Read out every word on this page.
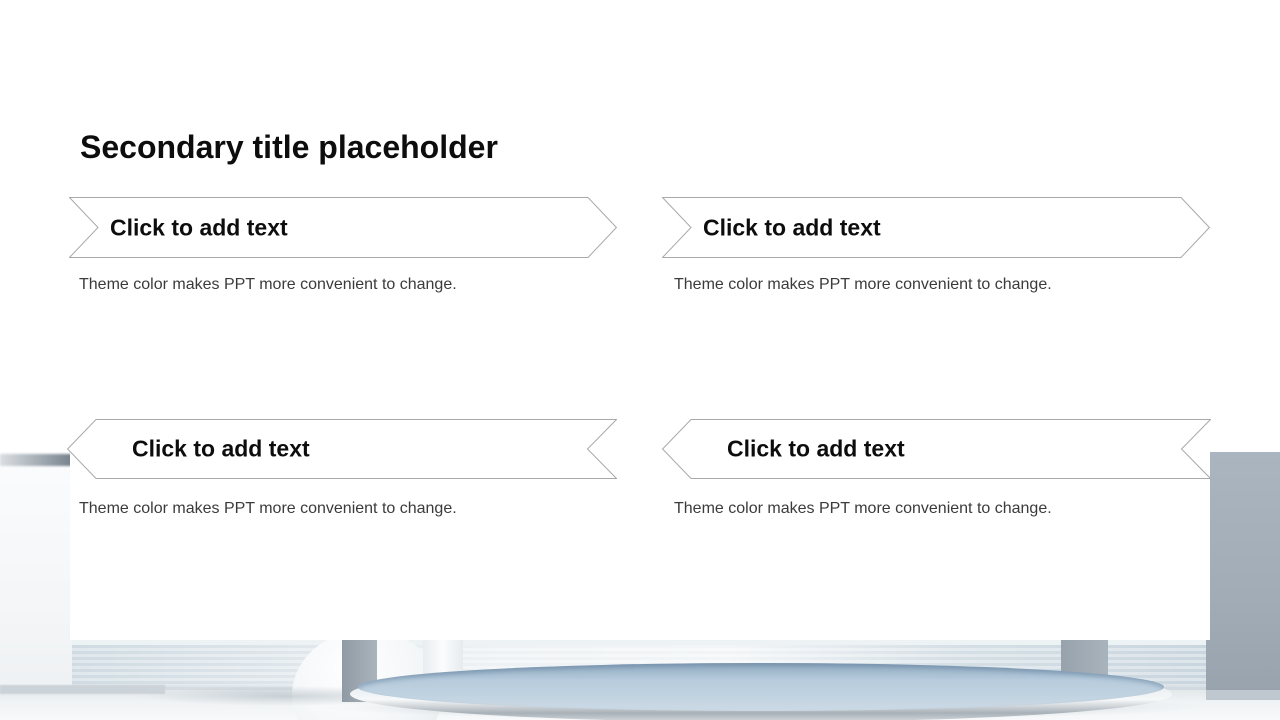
Secondary title placeholder
Click to add text	Click to add text
Click to add text	Click to add text
Theme color makes PPT more convenient to change.	Theme color makes PPT more convenient to change.
Theme color makes PPT more convenient to change.	Theme color makes PPT more convenient to change.
